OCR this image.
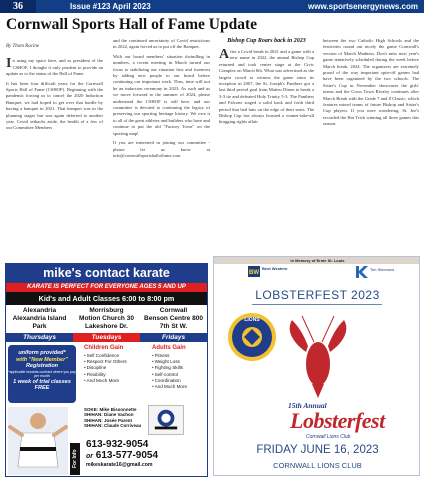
36	Issue #123 April 2023	www.sportsenergynews.com
Cornwall Sports Hall of Fame Update
By Thom Racine

In using my space here, and as president of the CSHOF, I thought it only prudent to provide an update as to the status of the Hall of Fame.

It has been four difficult years for the Cornwall Sports Hall of Fame (CSHOF). Beginning with the pandemic forcing us to cancel the 2020 Induction Banquet, we had hoped to get over that hurdle by having a banquet in 2021. That banquet was in the planning stages but was again deferred to another year. Covid setbacks aside, the health of a few of our Committee Members

and the continued uncertainty of Covid restrictions in 2022, again forced us to put off the Banquet.

With our board members' situation dwindling in numbers, a recent meeting in March turned our focus to stabilizing our situation first and foremost by adding new people to our board before continuing our important work. Thus, time will not be an induction ceremony in 2023. As such and as we move forward to the summer of 2024, please understand the CSHOF is still here, and our committee is devoted to continuing the legacy of preserving our sporting heritage history. We owe it to all of the great athletes and builders who have and continue to put the old "Factory Town" on the sporting map!

If you are interested in joining our committee - please let us know at info@cornwallsportshalloffame.com

Bishop Cup Roars back in 2023

After a Covid break in 2021 and a game with a new name in 2022, the annual Bishop Cup returned and took center stage at the Civic Complex on March 8th. What was advertised as the largest crowd to witness the game since its inception in 2007, the St. Joseph's Panthers got a last third period goal from Matteo Dinon to break a 3-3 tie and defeated Holy Trinity 5-3. The Panthers and Falcons staged a solid back and forth third period that had fans on the edge of their seats. The Bishop Cup has always boasted a winner-take-all bragging rights affair

between the two Catholic High Schools and the festivities round out nicely the game Cornwall's version of March Madness. Don't miss next year's game tentatively scheduled during the week before March break, 2024. The organizers are extremely proud of the way important spin-off games had have been organized by the two schools. The Sister's Cup in November showcases the girls' teams and the Cross Town Rivalry continues after March Break with the Grade 7 and 8 Classic, which features mixed teams of future Bishop and Sister's Cup players. If you were wondering, St. Joe's recorded the Hat Trick winning all three games this season.

mike's contact karate
KARATE IS PERFECT FOR EVERYONE AGES 5 AND UP
Kid's and Adult Classes 6:00 to 8:00 pm
Alexandria
Alexandria Island Park
Thursdays
Morrisburg
Motion Church 30 Lakeshore Dr.
Tuesdays
Cornwall
Benson Centre 800 7th St W.
Fridays
uniform provided*
with "New Member"
Registration
*applicable towards contract where you pay per month
1 week of trial classes FREE
Children Gain
•Self Confidence
•Respect For Others
•Discipline
•Flexibility
•And Much More
Adults Gain
•Fitness
•Weight Loss
•Fighting Skills
•Self-control
•Coordination
•And Much More
SOKE: Mike Bissonnette
SHIHAN: Diane Vachon
SHIHAN: Josée Parent
SHIHAN: Claude Corriveau
For Info
613-932-9054
or 613-577-9054
mikeskarate16@gmail.com
In Memory of Ernie St. Louis
BW
Best Western	Tim Simmons
LOBSTERFEST 2023
LIONS
15th Annual
Lobsterfest
Cornwall Lions Club
FRIDAY JUNE 16, 2023
CORNWALL LIONS CLUB
